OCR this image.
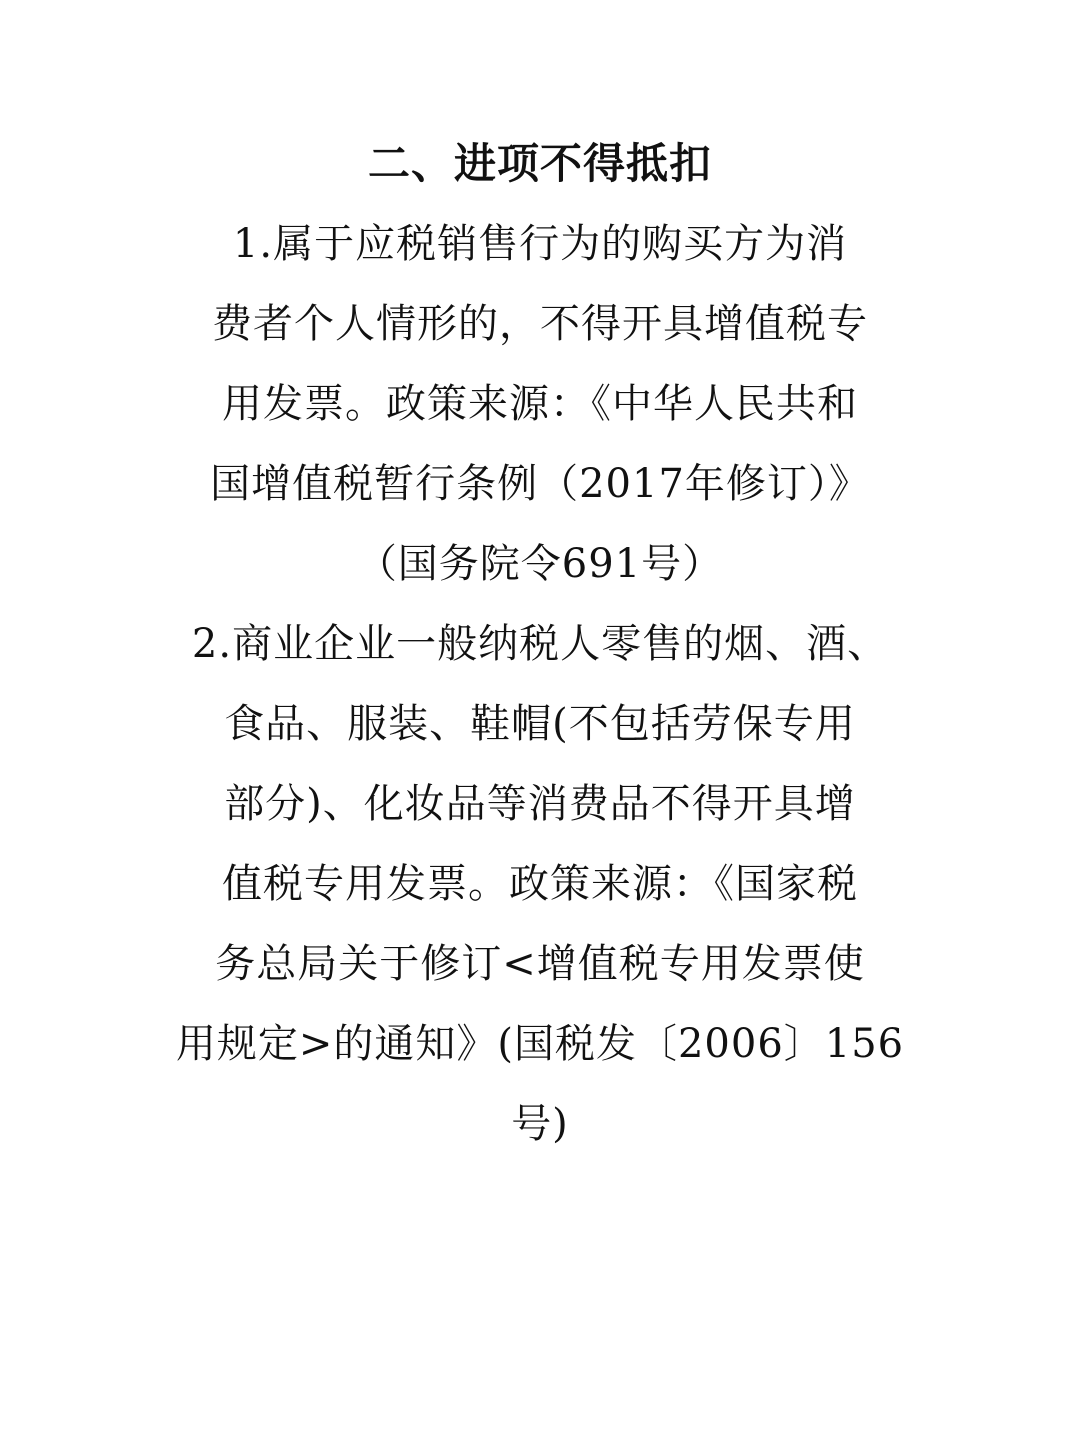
二、进项不得抵扣
1.属于应税销售行为的购买方为消
费者个人情形的，不得开具增值税专
用发票。政策来源：《中华人民共和
国增值税暂行条例（2017年修订）》
（国务院令691号）
2.商业企业一般纳税人零售的烟、酒、
食品、服装、鞋帽(不包括劳保专用
部分)、化妆品等消费品不得开具增
值税专用发票。政策来源：《国家税
务总局关于修订<增值税专用发票使
用规定>的通知》(国税发〔2006〕156
号)
